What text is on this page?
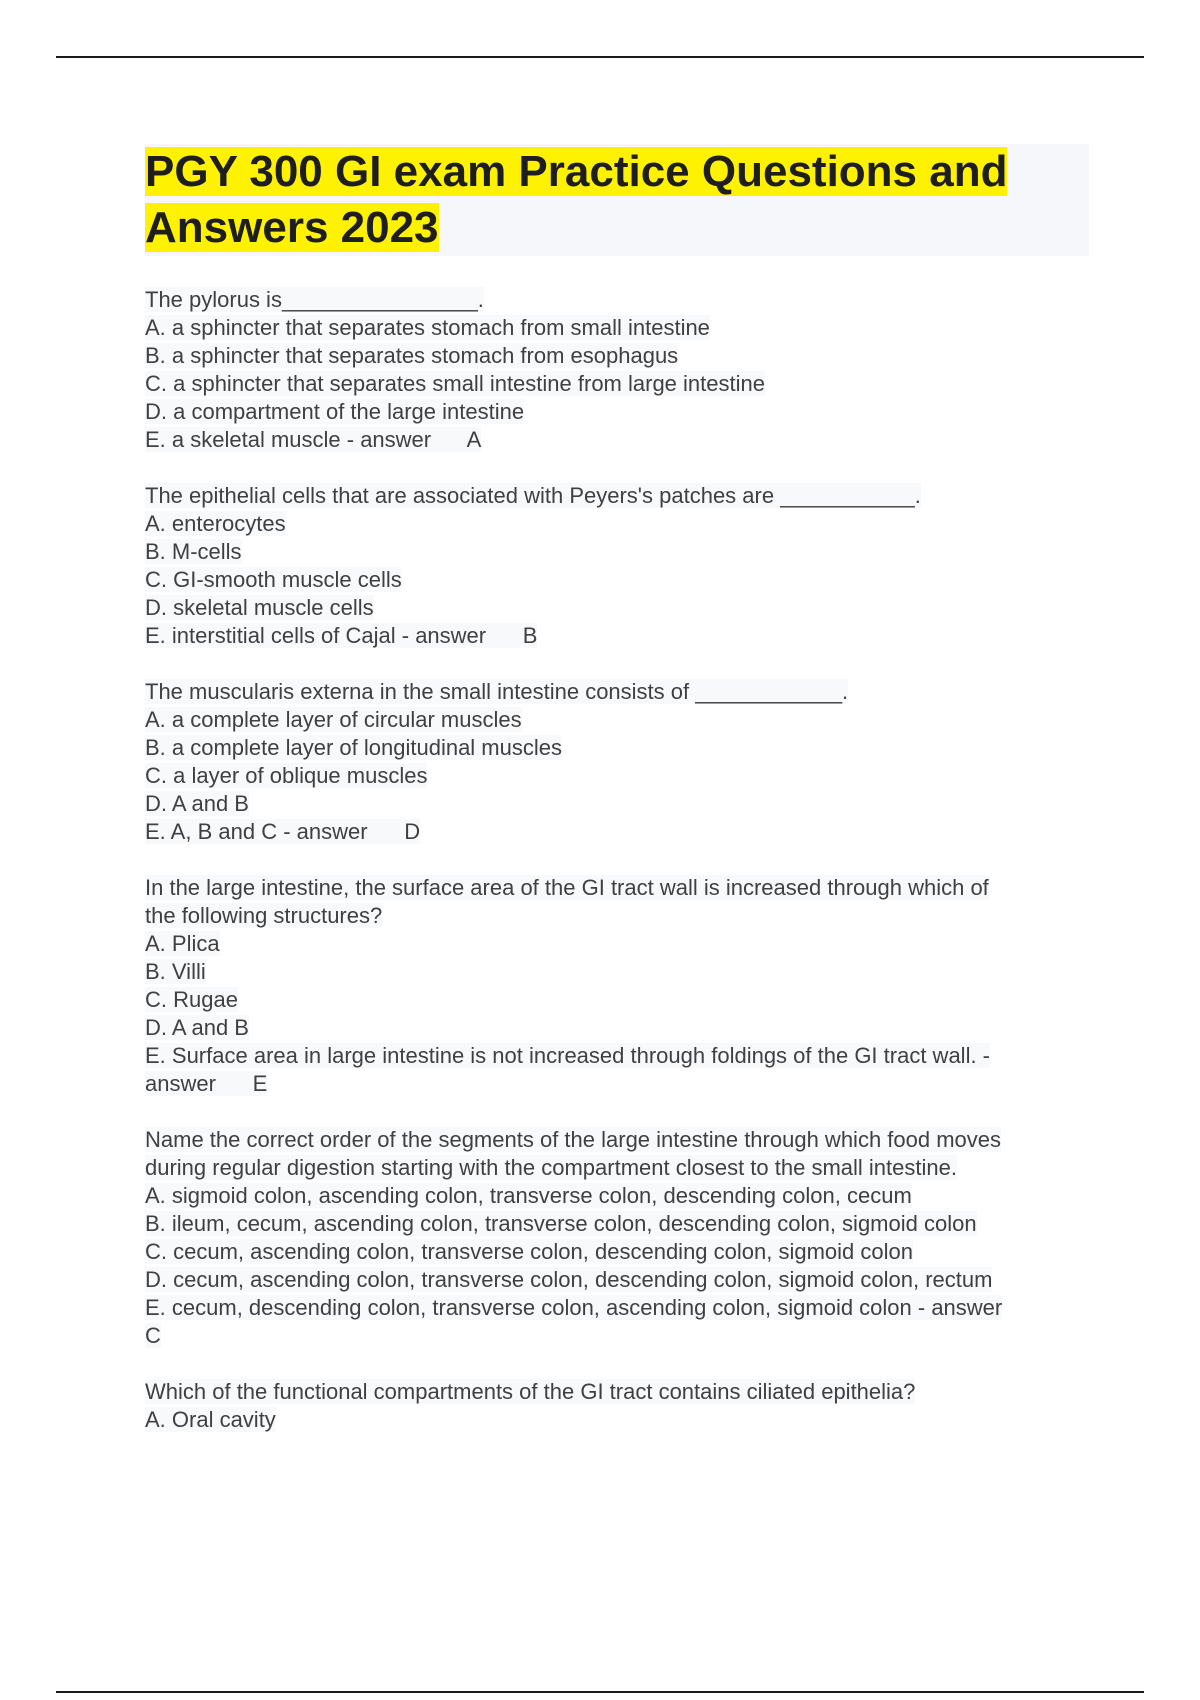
PGY 300 GI exam Practice Questions and Answers 2023
The pylorus is________________.
A. a sphincter that separates stomach from small intestine
B. a sphincter that separates stomach from esophagus
C. a sphincter that separates small intestine from large intestine
D. a compartment of the large intestine
E. a skeletal muscle - answer      A
The epithelial cells that are associated with Peyers's patches are ___________.
A. enterocytes
B. M-cells
C. GI-smooth muscle cells
D. skeletal muscle cells
E. interstitial cells of Cajal - answer      B
The muscularis externa in the small intestine consists of ____________.
A. a complete layer of circular muscles
B. a complete layer of longitudinal muscles
C. a layer of oblique muscles
D. A and B
E. A, B and C - answer      D
In the large intestine, the surface area of the GI tract wall is increased through which of
the following structures?
A. Plica
B. Villi
C. Rugae
D. A and B
E. Surface area in large intestine is not increased through foldings of the GI tract wall. -
answer      E
Name the correct order of the segments of the large intestine through which food moves
during regular digestion starting with the compartment closest to the small intestine.
A. sigmoid colon, ascending colon, transverse colon, descending colon, cecum
B. ileum, cecum, ascending colon, transverse colon, descending colon, sigmoid colon
C. cecum, ascending colon, transverse colon, descending colon, sigmoid colon
D. cecum, ascending colon, transverse colon, descending colon, sigmoid colon, rectum
E. cecum, descending colon, transverse colon, ascending colon, sigmoid colon - answer
C
Which of the functional compartments of the GI tract contains ciliated epithelia?
A. Oral cavity
